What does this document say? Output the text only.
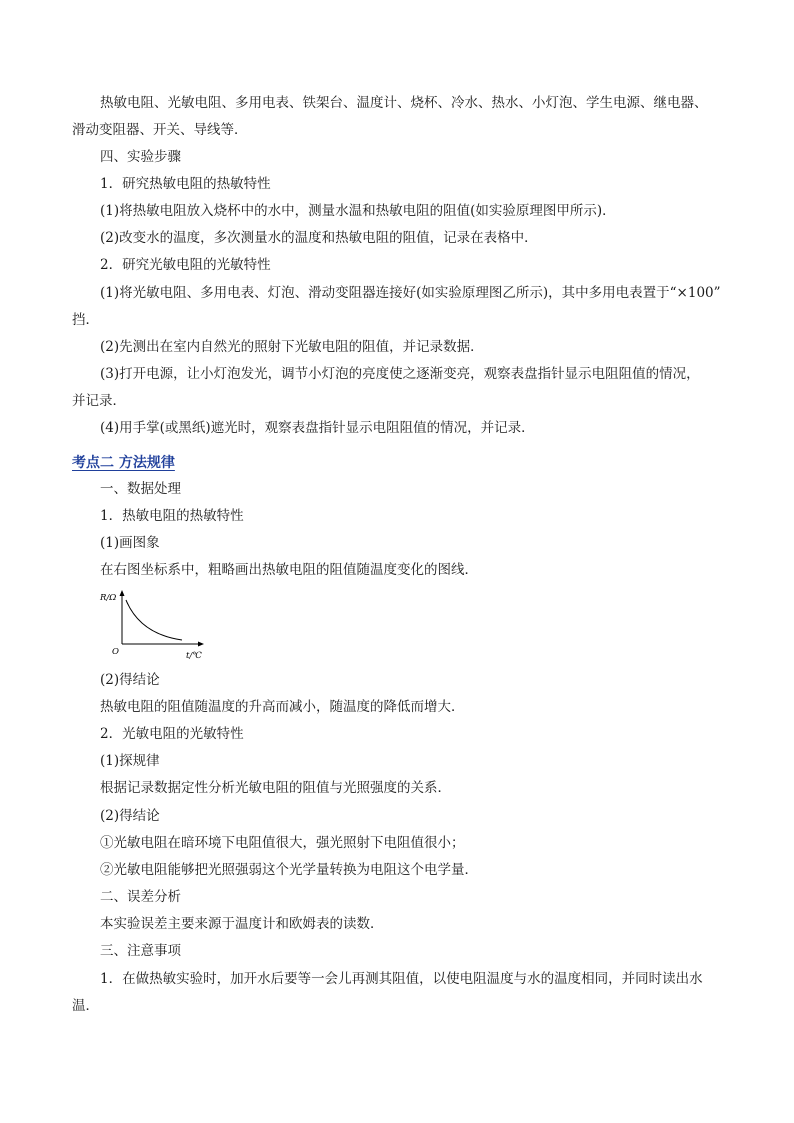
热敏电阻、光敏电阻、多用电表、铁架台、温度计、烧杯、冷水、热水、小灯泡、学生电源、继电器、
滑动变阻器、开关、导线等．
四、实验步骤
1．研究热敏电阻的热敏特性
(1)将热敏电阻放入烧杯中的水中，测量水温和热敏电阻的阻值(如实验原理图甲所示)．
(2)改变水的温度，多次测量水的温度和热敏电阻的阻值，记录在表格中．
2．研究光敏电阻的光敏特性
(1)将光敏电阻、多用电表、灯泡、滑动变阻器连接好(如实验原理图乙所示)，其中多用电表置于“×100”
挡．
(2)先测出在室内自然光的照射下光敏电阻的阻值，并记录数据．
(3)打开电源，让小灯泡发光，调节小灯泡的亮度使之逐渐变亮，观察表盘指针显示电阻阻值的情况，
并记录．
(4)用手掌(或黑纸)遮光时，观察表盘指针显示电阻阻值的情况，并记录．
考点二 方法规律
一、数据处理
1．热敏电阻的热敏特性
(1)画图象
在右图坐标系中，粗略画出热敏电阻的阻值随温度变化的图线．
R/Ω
O	t/℃
(2)得结论
热敏电阻的阻值随温度的升高而减小，随温度的降低而增大．
2．光敏电阻的光敏特性
(1)探规律
根据记录数据定性分析光敏电阻的阻值与光照强度的关系．
(2)得结论
①光敏电阻在暗环境下电阻值很大，强光照射下电阻值很小；
②光敏电阻能够把光照强弱这个光学量转换为电阻这个电学量．
二、误差分析
本实验误差主要来源于温度计和欧姆表的读数．
三、注意事项
1．在做热敏实验时，加开水后要等一会儿再测其阻值，以使电阻温度与水的温度相同，并同时读出水
温．
